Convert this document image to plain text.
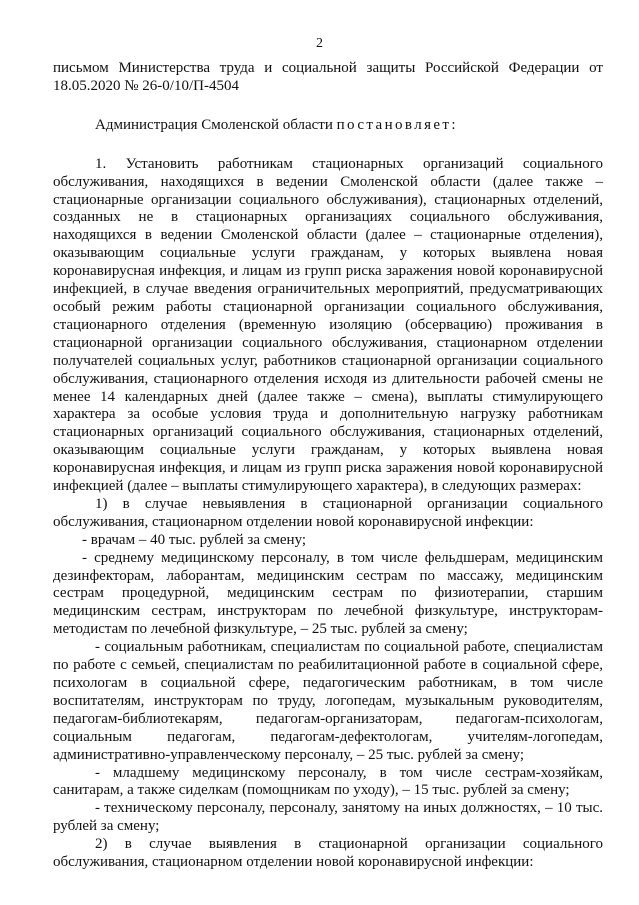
2

письмом Министерства труда и социальной защиты Российской Федерации от 18.05.2020 № 26-0/10/П-4504

Администрация Смоленской области постановляет:

1. Установить работникам стационарных организаций социального обслуживания, находящихся в ведении Смоленской области (далее также – стационарные организации социального обслуживания), стационарных отделений, созданных не в стационарных организациях социального обслуживания, находящихся в ведении Смоленской области (далее – стационарные отделения), оказывающим социальные услуги гражданам, у которых выявлена новая коронавирусная инфекция, и лицам из групп риска заражения новой коронавирусной инфекцией, в случае введения ограничительных мероприятий, предусматривающих особый режим работы стационарной организации социального обслуживания, стационарного отделения (временную изоляцию (обсервацию) проживания в стационарной организации социального обслуживания, стационарном отделении получателей социальных услуг, работников стационарной организации социального обслуживания, стационарного отделения исходя из длительности рабочей смены не менее 14 календарных дней (далее также – смена), выплаты стимулирующего характера за особые условия труда и дополнительную нагрузку работникам стационарных организаций социального обслуживания, стационарных отделений, оказывающим социальные услуги гражданам, у которых выявлена новая коронавирусная инфекция, и лицам из групп риска заражения новой коронавирусной инфекцией (далее – выплаты стимулирующего характера), в следующих размерах:

1) в случае невыявления в стационарной организации социального обслуживания, стационарном отделении новой коронавирусной инфекции:

- врачам – 40 тыс. рублей за смену;

- среднему медицинскому персоналу, в том числе фельдшерам, медицинским дезинфекторам, лаборантам, медицинским сестрам по массажу, медицинским сестрам процедурной, медицинским сестрам по физиотерапии, старшим медицинским сестрам, инструкторам по лечебной физкультуре, инструкторам-методистам по лечебной физкультуре, – 25 тыс. рублей за смену;

- социальным работникам, специалистам по социальной работе, специалистам по работе с семьей, специалистам по реабилитационной работе в социальной сфере, психологам в социальной сфере, педагогическим работникам, в том числе воспитателям, инструкторам по труду, логопедам, музыкальным руководителям, педагогам-библиотекарям, педагогам-организаторам, педагогам-психологам, социальным педагогам, педагогам-дефектологам, учителям-логопедам, административно-управленческому персоналу, – 25 тыс. рублей за смену;

- младшему медицинскому персоналу, в том числе сестрам-хозяйкам, санитарам, а также сиделкам (помощникам по уходу), – 15 тыс. рублей за смену;

- техническому персоналу, персоналу, занятому на иных должностях, – 10 тыс. рублей за смену;

2) в случае выявления в стационарной организации социального обслуживания, стационарном отделении новой коронавирусной инфекции:
